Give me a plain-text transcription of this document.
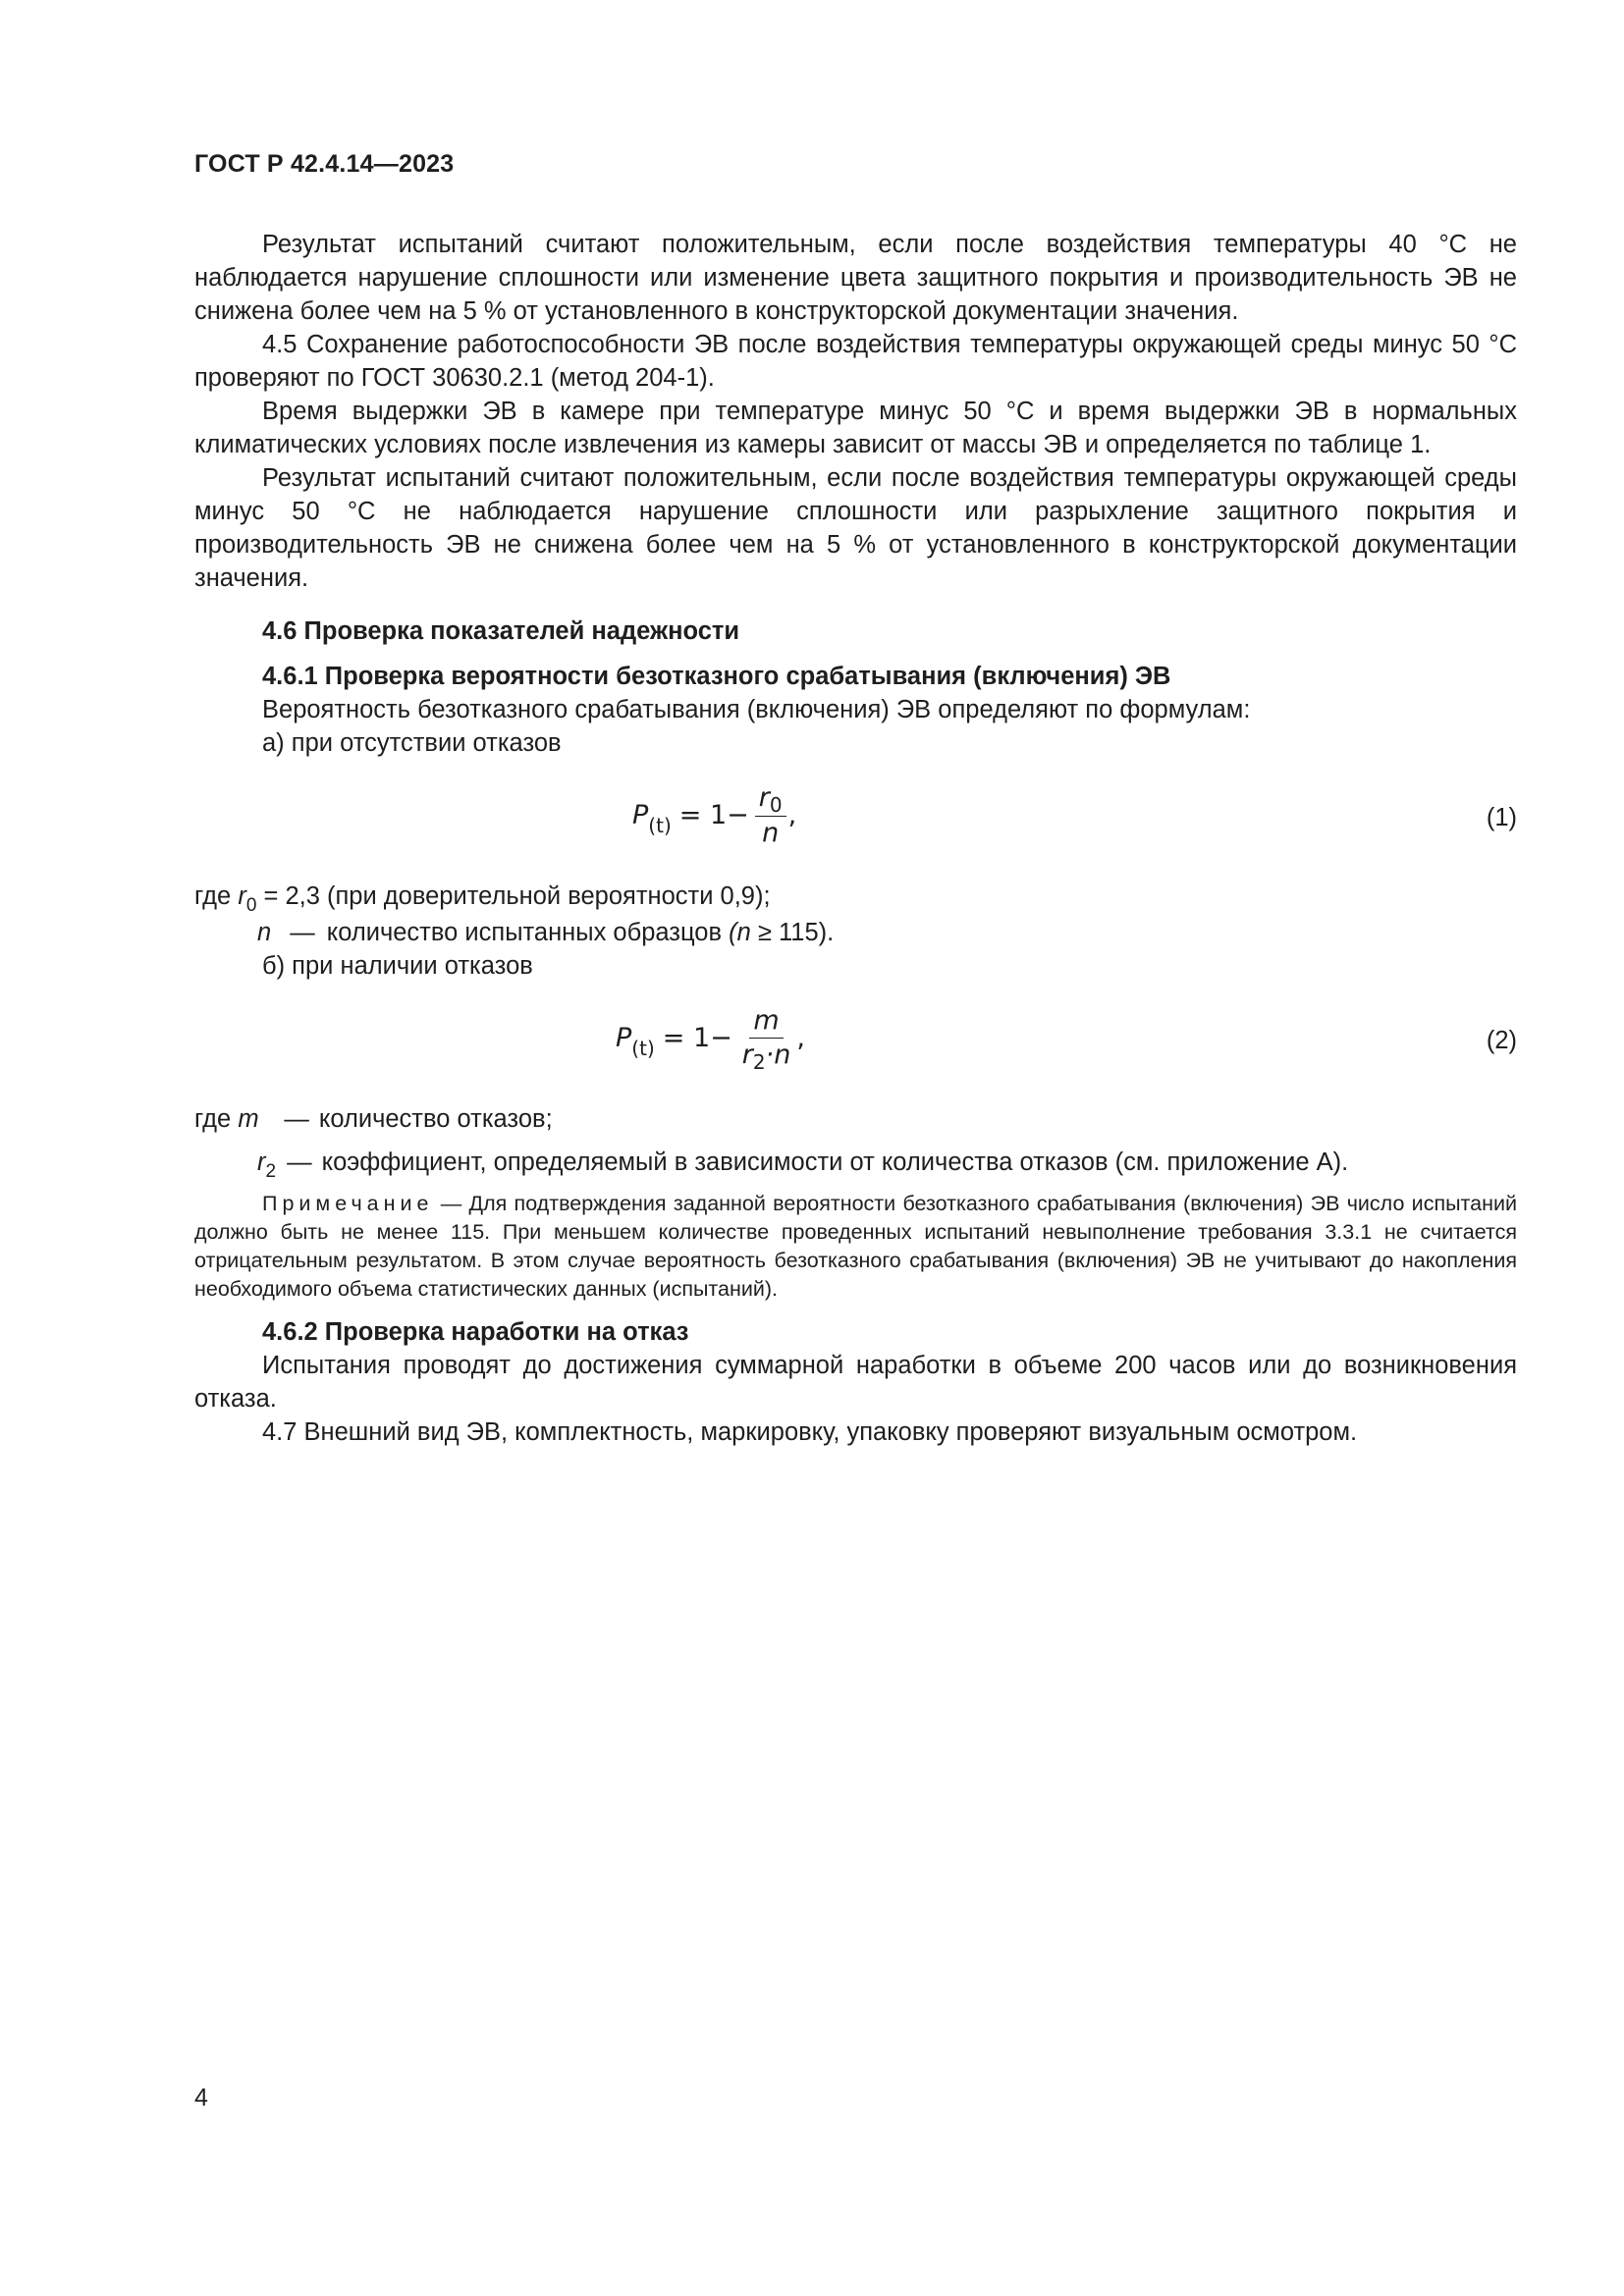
ГОСТ Р 42.4.14—2023

Результат испытаний считают положительным, если после воздействия температуры 40 °С не наблюдается нарушение сплошности или изменение цвета защитного покрытия и производительность ЭВ не снижена более чем на 5 % от установленного в конструкторской документации значения.

4.5 Сохранение работоспособности ЭВ после воздействия температуры окружающей среды минус 50 °С проверяют по ГОСТ 30630.2.1 (метод 204-1).

Время выдержки ЭВ в камере при температуре минус 50 °С и время выдержки ЭВ в нормальных климатических условиях после извлечения из камеры зависит от массы ЭВ и определяется по таблице 1.

Результат испытаний считают положительным, если после воздействия температуры окружающей среды минус 50 °С не наблюдается нарушение сплошности или разрыхление защитного покрытия и производительность ЭВ не снижена более чем на 5 % от установленного в конструкторской документации значения.

4.6 Проверка показателей надежности

4.6.1 Проверка вероятности безотказного срабатывания (включения) ЭВ

Вероятность безотказного срабатывания (включения) ЭВ определяют по формулам:

а) при отсутствии отказов

P $(t) = 1- \frac{r_0}{n}$ ,	(1)

где $r_0 = 2,3$ (при доверительной вероятности 0,9);

n — количество испытанных образцов (n ≥ 115).

б) при наличии отказов

P $(t) = 1- \frac{m}{r_2\cdot n}$ ,	(2)

где m — количество отказов;

$r_2$ — коэффициент, определяемый в зависимости от количества отказов (см. приложение А).

Примечание — Для подтверждения заданной вероятности безотказного срабатывания (включения) ЭВ число испытаний должно быть не менее 115. При меньшем количестве проведенных испытаний невыполнение требования 3.3.1 не считается отрицательным результатом. В этом случае вероятность безотказного срабатывания (включения) ЭВ не учитывают до накопления необходимого объема статистических данных (испытаний).

4.6.2 Проверка наработки на отказ

Испытания проводят до достижения суммарной наработки в объеме 200 часов или до возникновения отказа.

4.7 Внешний вид ЭВ, комплектность, маркировку, упаковку проверяют визуальным осмотром.

4
